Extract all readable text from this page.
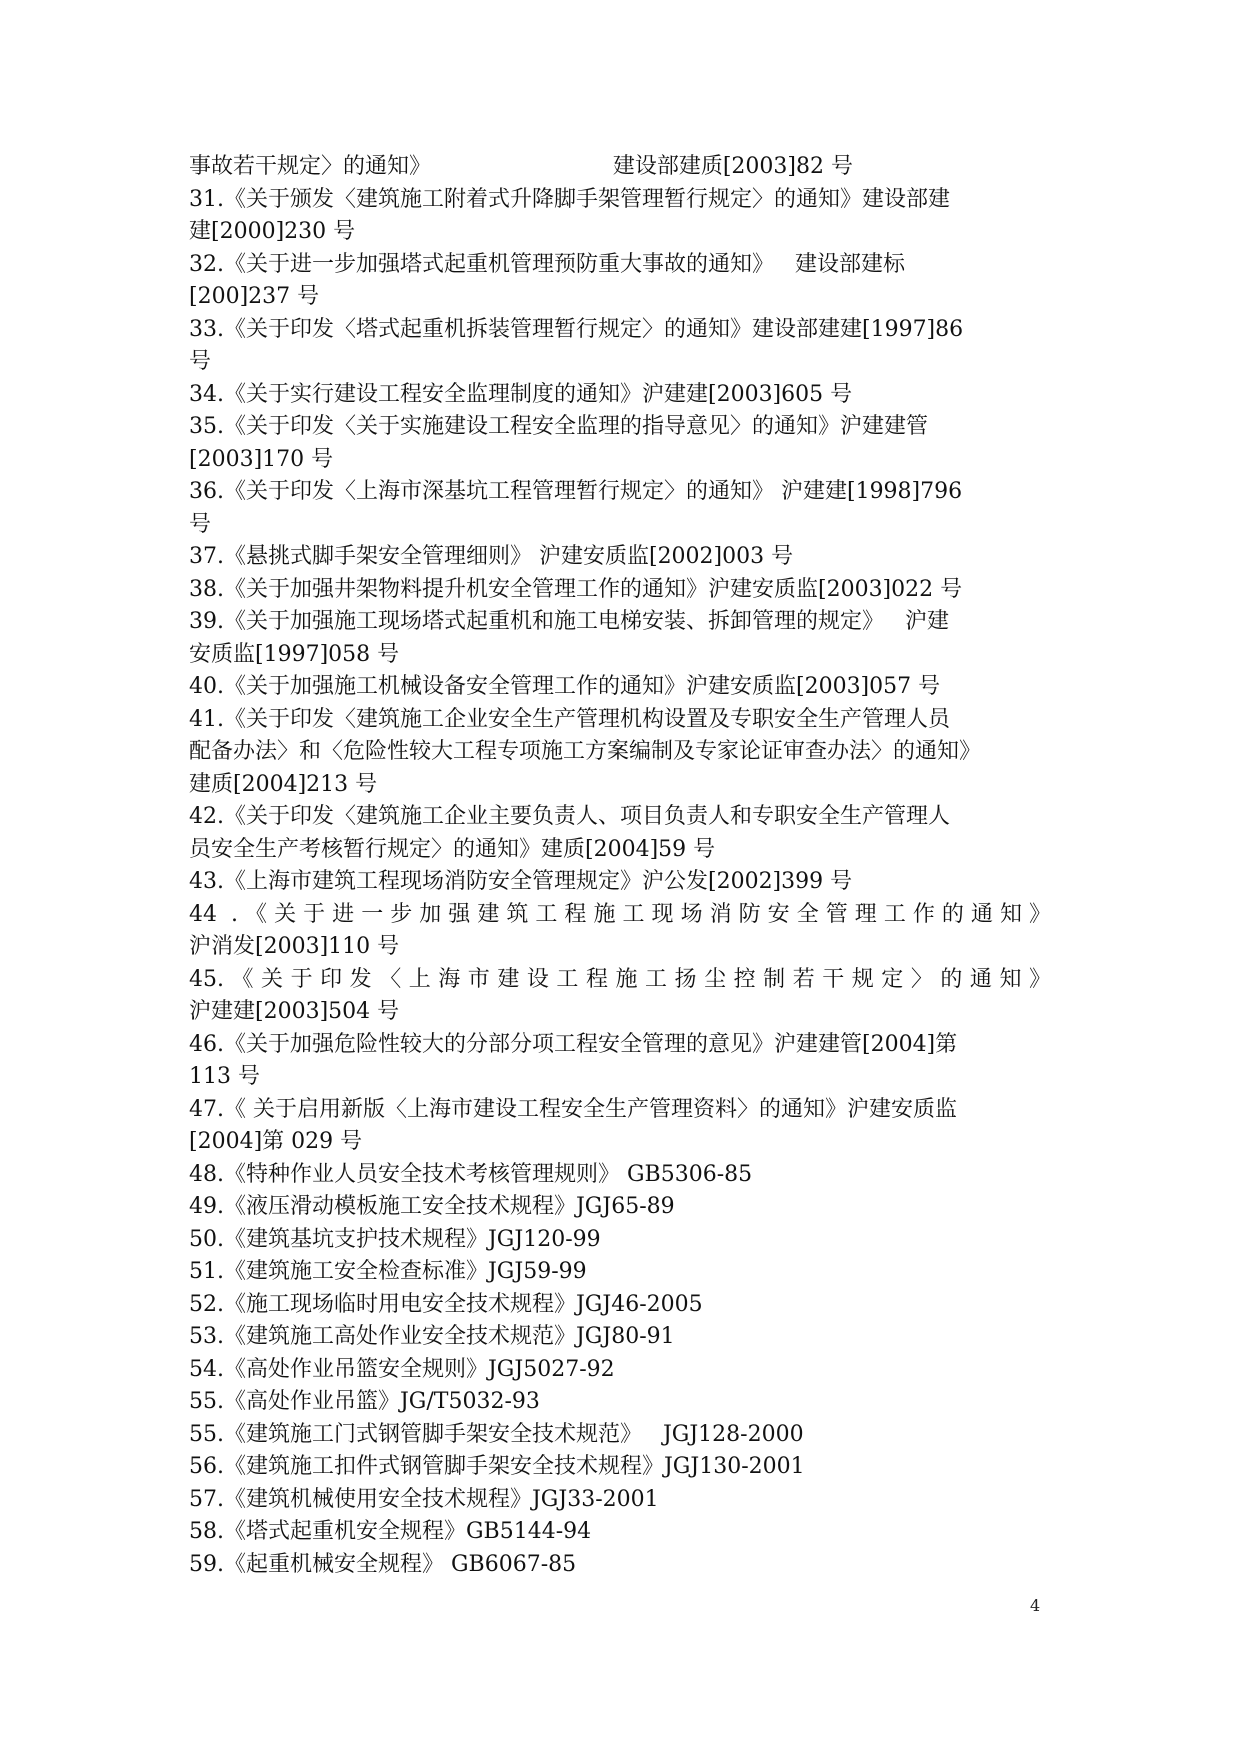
事故若干规定〉的通知》                          建设部建质[2003]82 号
31.《关于颁发〈建筑施工附着式升降脚手架管理暂行规定〉的通知》建设部建
建[2000]230 号
32.《关于进一步加强塔式起重机管理预防重大事故的通知》   建设部建标
[200]237 号
33.《关于印发〈塔式起重机拆装管理暂行规定〉的通知》建设部建建[1997]86
号
34.《关于实行建设工程安全监理制度的通知》沪建建[2003]605 号
35.《关于印发〈关于实施建设工程安全监理的指导意见〉的通知》沪建建管
[2003]170 号
36.《关于印发〈上海市深基坑工程管理暂行规定〉的通知》 沪建建[1998]796
号
37.《悬挑式脚手架安全管理细则》 沪建安质监[2002]003 号
38.《关于加强井架物料提升机安全管理工作的通知》沪建安质监[2003]022 号
39.《关于加强施工现场塔式起重机和施工电梯安装、拆卸管理的规定》   沪建
安质监[1997]058 号
40.《关于加强施工机械设备安全管理工作的通知》沪建安质监[2003]057 号
41.《关于印发〈建筑施工企业安全生产管理机构设置及专职安全生产管理人员
配备办法〉和〈危险性较大工程专项施工方案编制及专家论证审查办法〉的通知》
建质[2004]213 号
42.《关于印发〈建筑施工企业主要负责人、项目负责人和专职安全生产管理人
员安全生产考核暂行规定〉的通知》建质[2004]59 号
43.《上海市建筑工程现场消防安全管理规定》沪公发[2002]399 号
44 .《关于进一步加强建筑工程施工现场消防安全管理工作的通知》
沪消发[2003]110 号
45.《关于印发〈上海市建设工程施工扬尘控制若干规定〉的通知》
沪建建[2003]504 号
46.《关于加强危险性较大的分部分项工程安全管理的意见》沪建建管[2004]第
113 号
47.《 关于启用新版〈上海市建设工程安全生产管理资料〉的通知》沪建安质监
[2004]第 029 号
48.《特种作业人员安全技术考核管理规则》 GB5306-85
49.《液压滑动模板施工安全技术规程》JGJ65-89
50.《建筑基坑支护技术规程》JGJ120-99
51.《建筑施工安全检查标准》JGJ59-99
52.《施工现场临时用电安全技术规程》JGJ46-2005
53.《建筑施工高处作业安全技术规范》JGJ80-91
54.《高处作业吊篮安全规则》JGJ5027-92
55.《高处作业吊篮》JG/T5032-93
55.《建筑施工门式钢管脚手架安全技术规范》   JGJ128-2000
56.《建筑施工扣件式钢管脚手架安全技术规程》JGJ130-2001
57.《建筑机械使用安全技术规程》JGJ33-2001
58.《塔式起重机安全规程》GB5144-94
59.《起重机械安全规程》 GB6067-85
4
